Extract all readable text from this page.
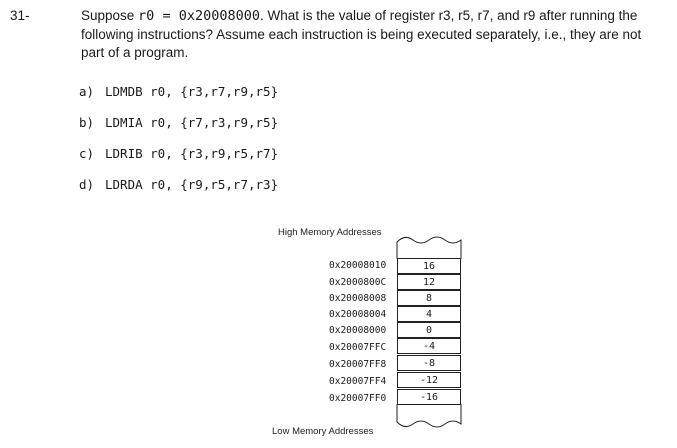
31-	Suppose r0 = 0x20008000. What is the value of register r3, r5, r7, and r9 after running the
following instructions? Assume each instruction is being executed separately, i.e., they are not
part of a program.
a) LDMDB r0, {r3,r7,r9,r5}
b) LDMIA r0, {r7,r3,r9,r5}
c) LDRIB r0, {r3,r9,r5,r7}
d) LDRDA r0, {r9,r5,r7,r3}
High Memory Addresses
0x20008010	16
0x2000800C	12
0x20008008	8
0x20008004	4
0x20008000	0
0x20007FFC	-4
0x20007FF8	-8
0x20007FF4	-12
0x20007FF0	-16
Low Memory Addresses
